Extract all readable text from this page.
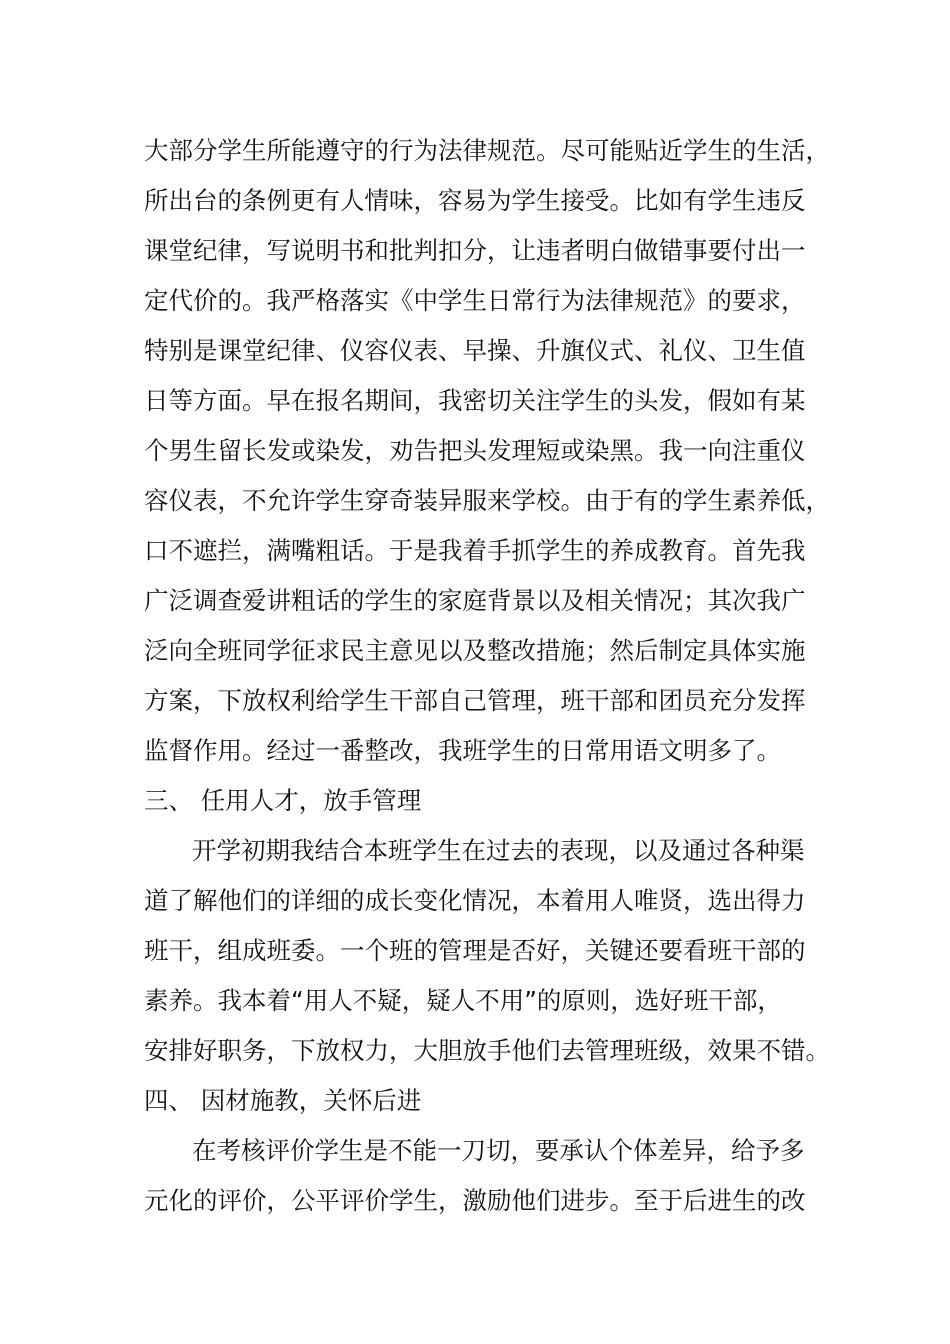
大部分学生所能遵守的行为法律规范。尽可能贴近学生的生活，
所出台的条例更有人情味，容易为学生接受。比如有学生违反
课堂纪律，写说明书和批判扣分，让违者明白做错事要付出一
定代价的。我严格落实《中学生日常行为法律规范》的要求，
特别是课堂纪律、仪容仪表、早操、升旗仪式、礼仪、卫生值
日等方面。早在报名期间，我密切关注学生的头发，假如有某
个男生留长发或染发，劝告把头发理短或染黑。我一向注重仪
容仪表，不允许学生穿奇装异服来学校。由于有的学生素养低，
口不遮拦，满嘴粗话。于是我着手抓学生的养成教育。首先我
广泛调查爱讲粗话的学生的家庭背景以及相关情况；其次我广
泛向全班同学征求民主意见以及整改措施；然后制定具体实施
方案，下放权利给学生干部自己管理，班干部和团员充分发挥
监督作用。经过一番整改，我班学生的日常用语文明多了。
三、 任用人才，放手管理
开学初期我结合本班学生在过去的表现，以及通过各种渠
道了解他们的详细的成长变化情况，本着用人唯贤，选出得力
班干，组成班委。一个班的管理是否好，关键还要看班干部的
素养。我本着“用人不疑，疑人不用”的原则，选好班干部，
安排好职务，下放权力，大胆放手他们去管理班级，效果不错。
四、 因材施教，关怀后进
在考核评价学生是不能一刀切，要承认个体差异，给予多
元化的评价，公平评价学生，激励他们进步。至于后进生的改
